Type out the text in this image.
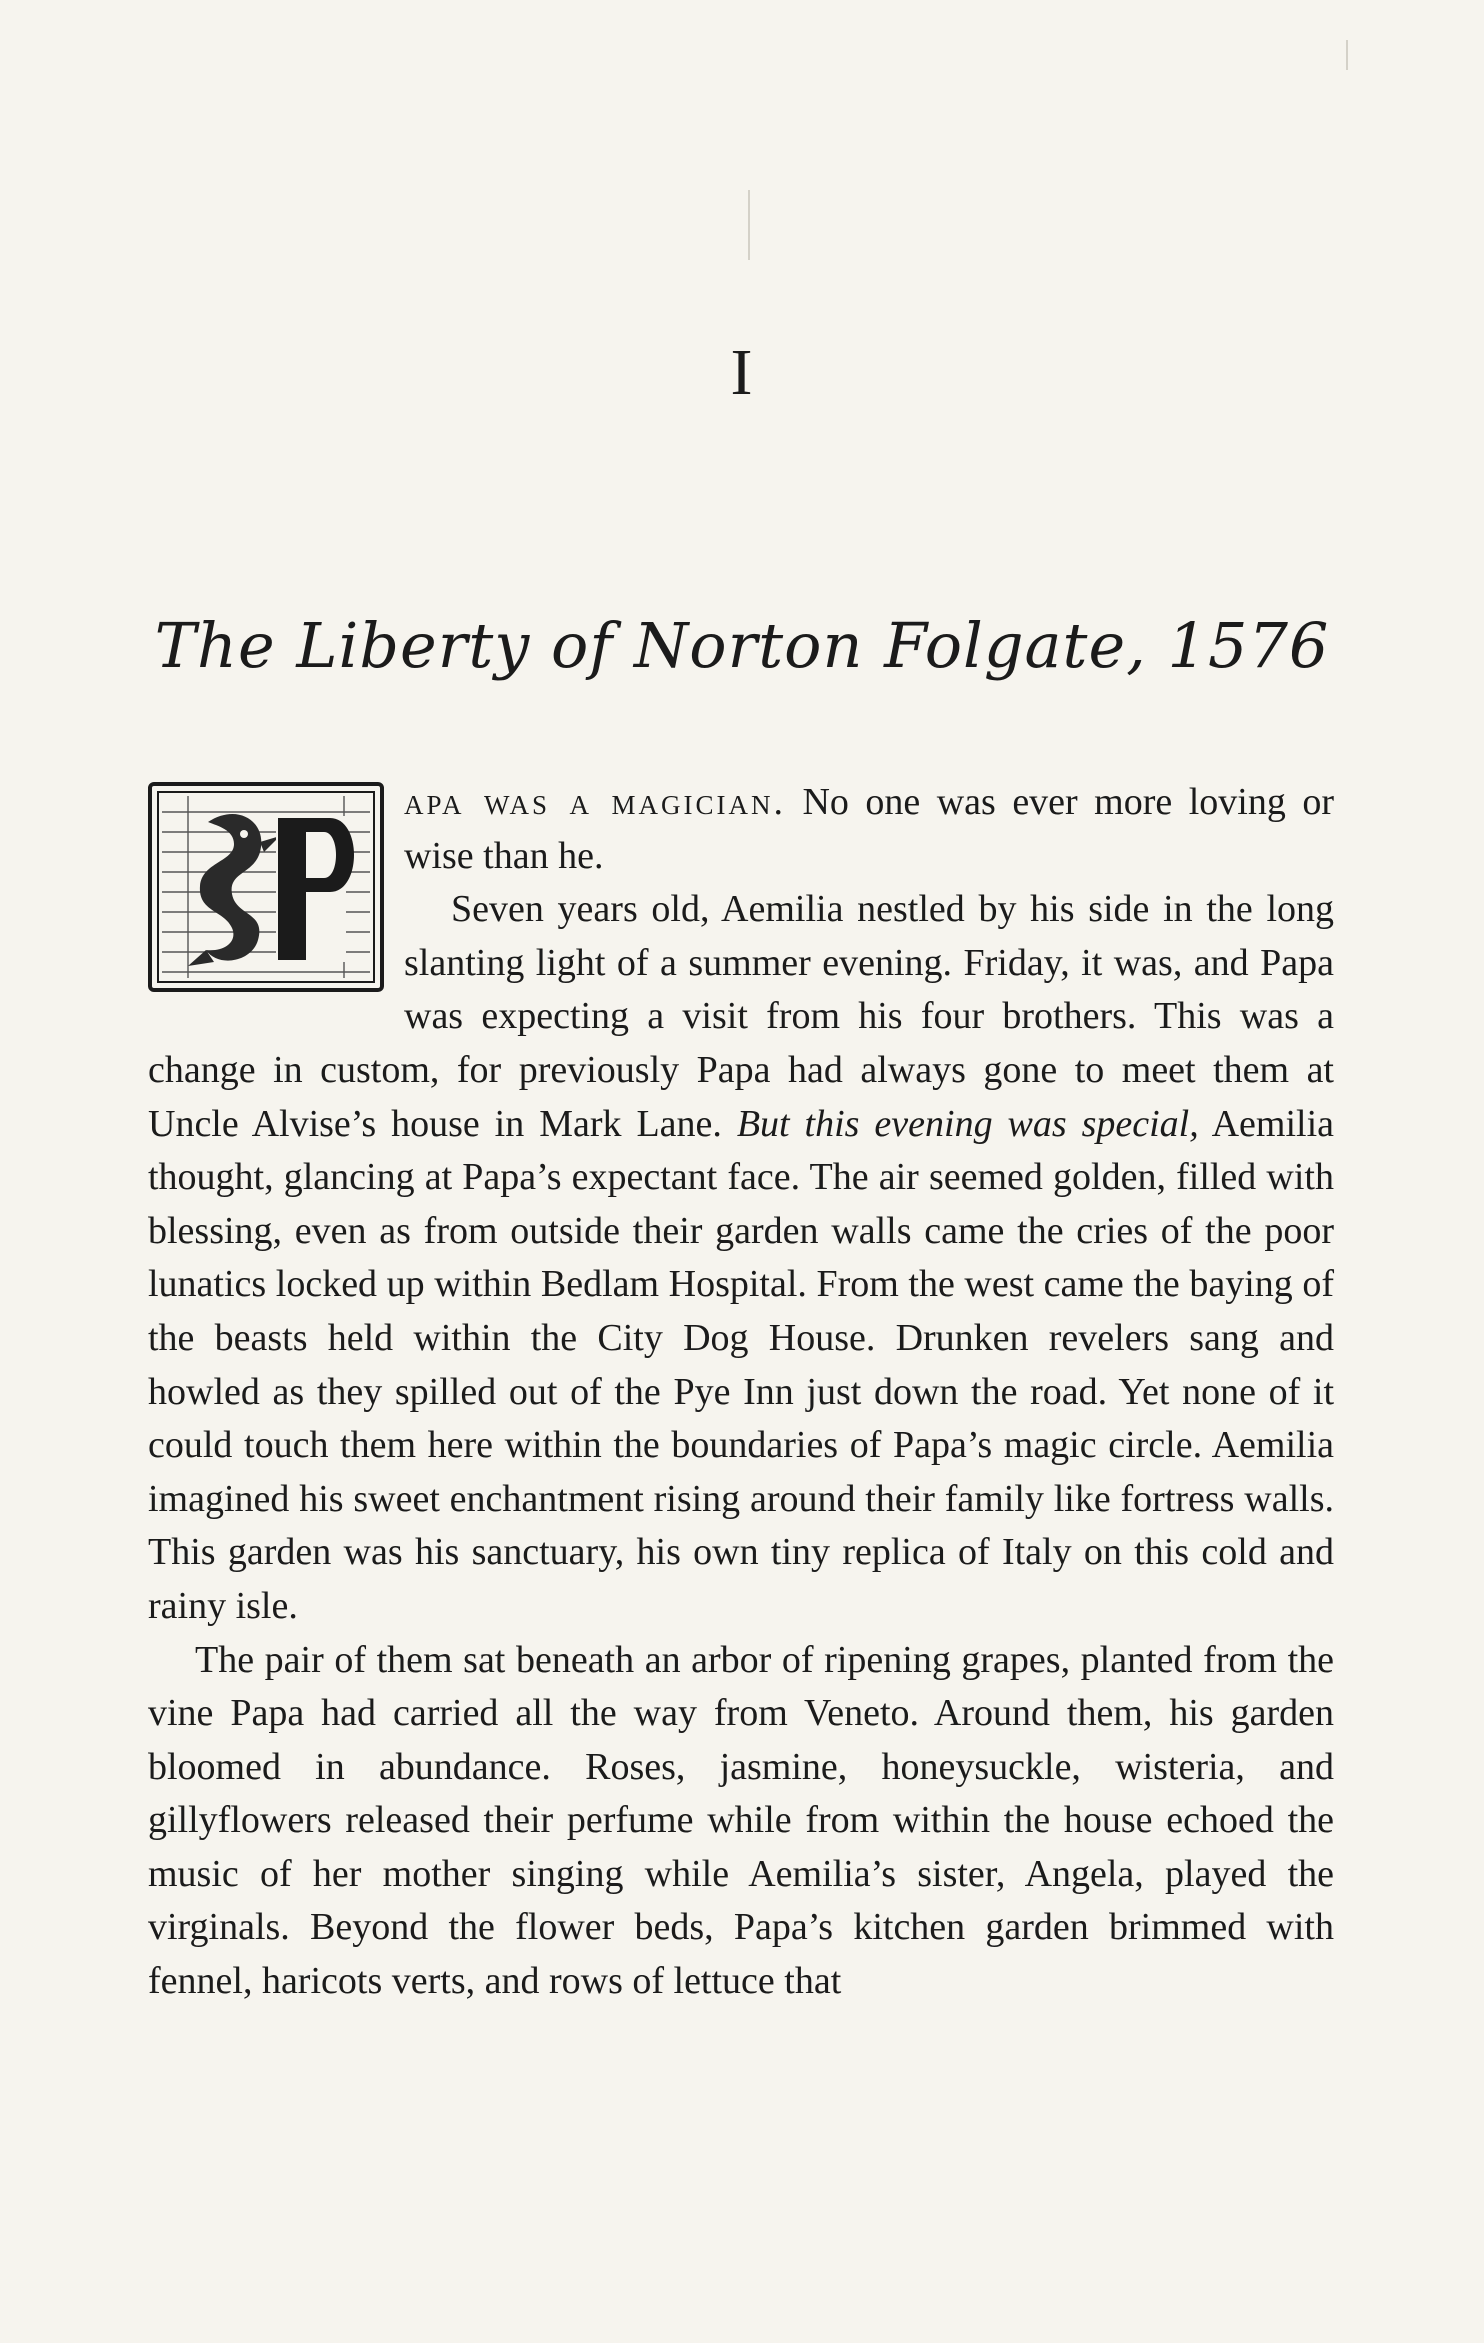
I
The Liberty of Norton Folgate, 1576

apa was a magician. No one was ever more loving or wise than he.

Seven years old, Aemilia nestled by his side in the long slanting light of a summer evening. Friday, it was, and Papa was expecting a visit from his four brothers. This was a change in custom, for previously Papa had always gone to meet them at Uncle Alvise’s house in Mark Lane. But this evening was special, Aemilia thought, glancing at Papa’s expectant face. The air seemed golden, filled with blessing, even as from outside their garden walls came the cries of the poor lunatics locked up within Bedlam Hospital. From the west came the baying of the beasts held within the City Dog House. Drunken revelers sang and howled as they spilled out of the Pye Inn just down the road. Yet none of it could touch them here within the boundaries of Papa’s magic circle. Aemilia imagined his sweet enchantment rising around their family like fortress walls. This garden was his sanctuary, his own tiny replica of Italy on this cold and rainy isle.

The pair of them sat beneath an arbor of ripening grapes, planted from the vine Papa had carried all the way from Veneto. Around them, his garden bloomed in abundance. Roses, jasmine, honeysuckle, wisteria, and gillyflowers released their perfume while from within the house echoed the music of her mother singing while Aemilia’s sister, Angela, played the virginals. Beyond the flower beds, Papa’s kitchen garden brimmed with fennel, haricots verts, and rows of lettuce that
